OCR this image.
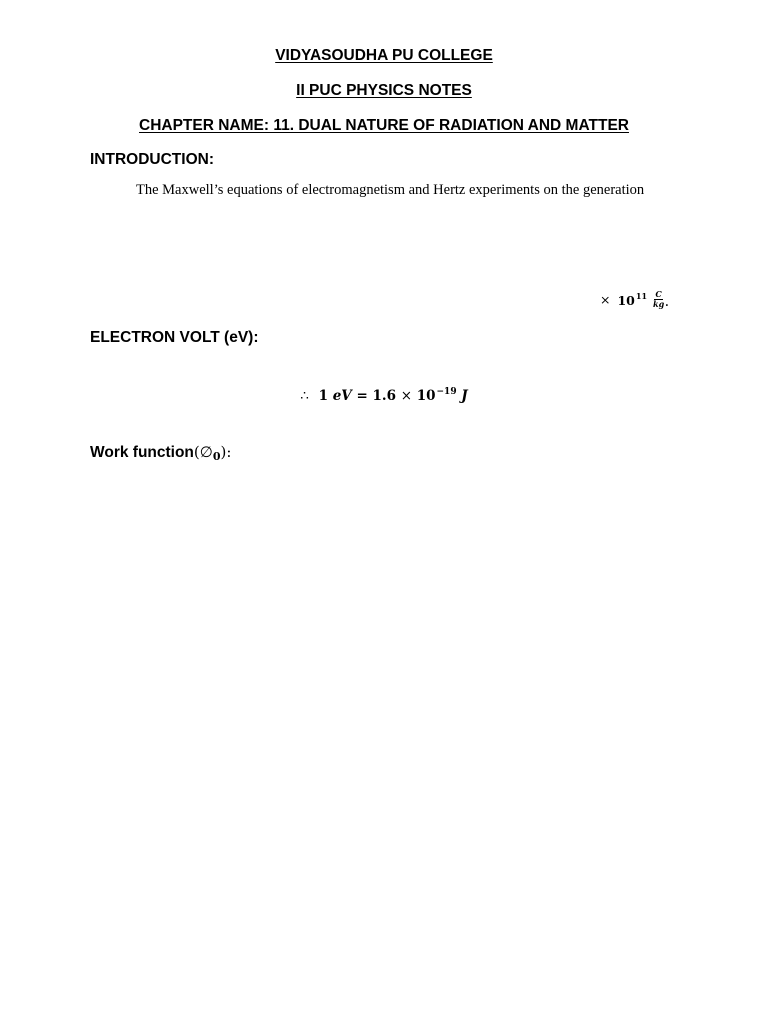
VIDYASOUDHA PU COLLEGE
II PUC PHYSICS NOTES
CHAPTER NAME: 11. DUAL NATURE OF RADIATION AND MATTER
INTRODUCTION:
The Maxwell’s equations of electromagnetism and Hertz experiments on the generation
× $10^{11} \frac{C}{kg}$ .
ELECTRON VOLT (eV):
∴ 1 eV = $1.6 \times 10^{-19}$ J
Work $function(\emptyset_0)$:
